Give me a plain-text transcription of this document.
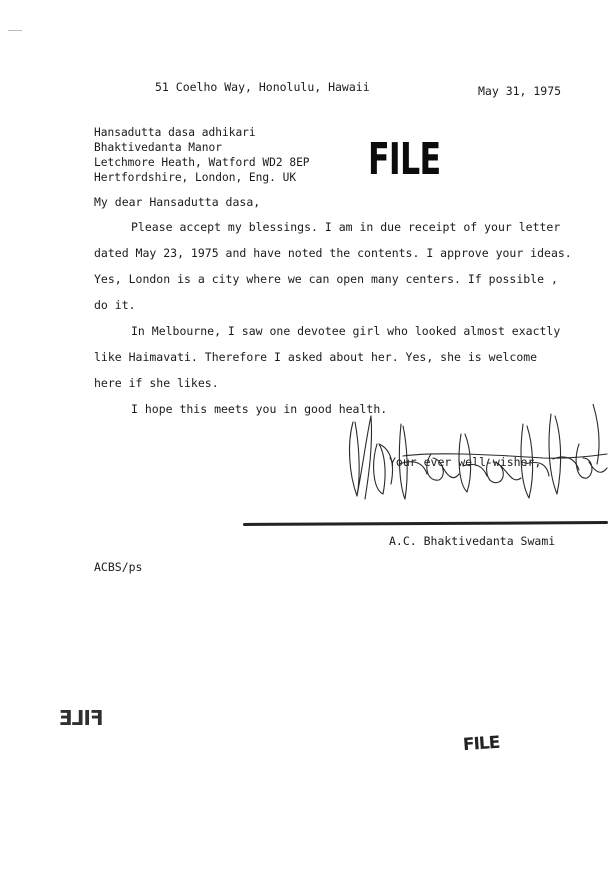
51 Coelho Way, Honolulu, Hawaii	May 31, 1975
Hansadutta dasa adhikari
Bhaktivedanta Manor
Letchmore Heath, Watford WD2 8EP
Hertfordshire, London, Eng. UK FILE
My dear Hansadutta dasa,
Please accept my blessings. I am in due receipt of your letter
dated May 23, 1975 and have noted the contents. I approve your ideas.
Yes, London is a city where we can open many centers. If possible ,
do it.
In Melbourne, I saw one devotee girl who looked almost exactly
like Haimavati. Therefore I asked about her. Yes, she is welcome
here if she likes.
I hope this meets you in good health.
Your ever well-wisher,
A.C. Bhaktivedanta Swami
ACBS/ps
FILE
FILE
